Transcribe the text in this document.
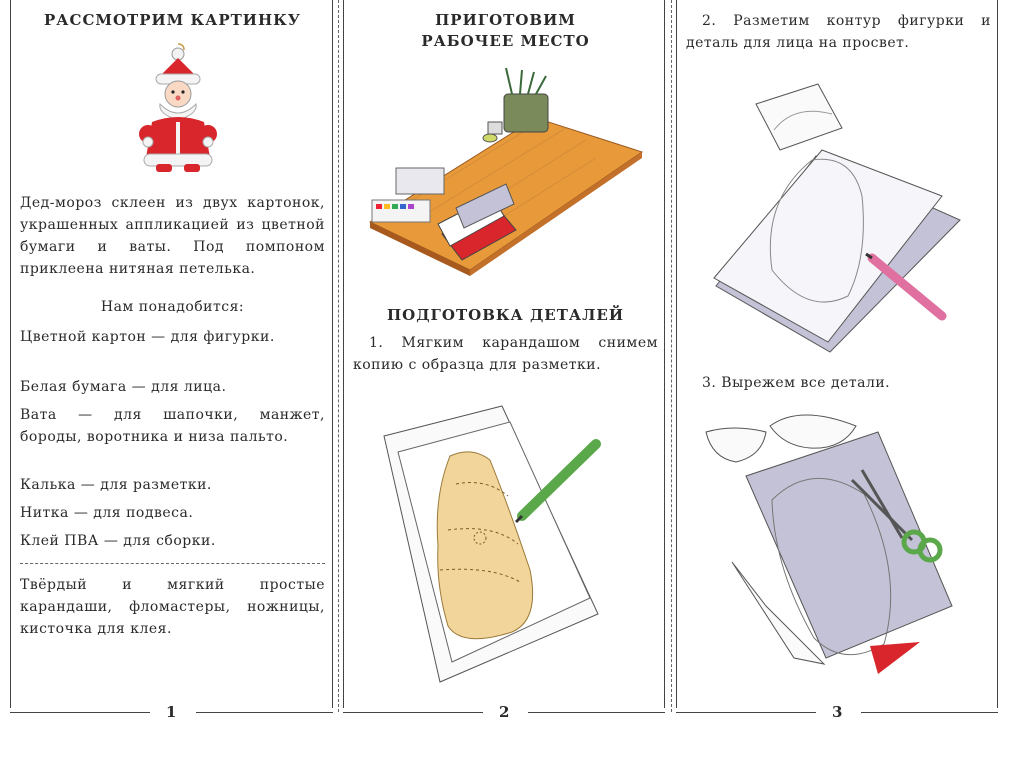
РАССМОТРИМ КАРТИНКУ
Дед-мороз склеен из двух картонок, украшенных аппликацией из цветной бумаги и ваты. Под помпоном приклеена нитяная петелька.
Нам понадобится:
Цветной картон — для фигурки.
Белая бумага — для лица.
Вата — для шапочки, манжет, бороды, воротника и низа пальто.
Калька — для разметки.
Нитка — для подвеса.
Клей ПВА — для сборки.
Твёрдый и мягкий простые карандаши, фломастеры, ножницы, кисточка для клея.
1
ПРИГОТОВИМ
РАБОЧЕЕ МЕСТО
ПОДГОТОВКА ДЕТАЛЕЙ
1. Мягким карандашом снимем копию с образца для разметки.
2
2. Разметим контур фигурки и деталь для лица на просвет.
3. Вырежем все детали.
3
